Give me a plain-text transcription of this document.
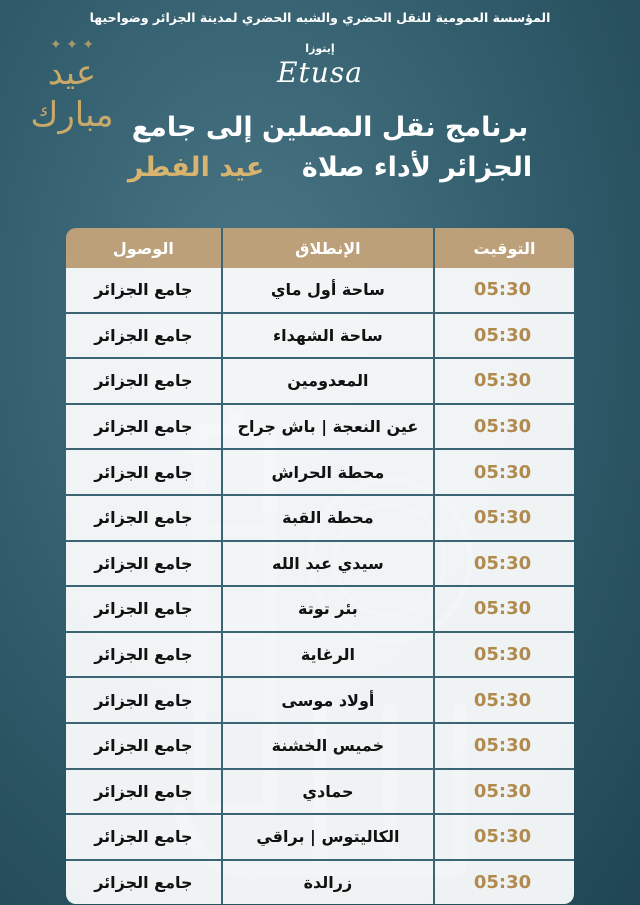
المؤسسة العمومية للنقل الحضري والشبه الحضري لمدينة الجزائر وضواحيها
✦ ✦ ✦
عيد مبارك
إيتوزا
Etusa
برنامج نقل المصلين إلى جامع
الجزائر لأداء صلاة    عيد الفطر
التوقيت	الإنطلاق	الوصول
05:30	ساحة أول ماي	جامع الجزائر
05:30	ساحة الشهداء	جامع الجزائر
05:30	المعدومين	جامع الجزائر
05:30	عين النعجة | باش جراح	جامع الجزائر
05:30	محطة الحراش	جامع الجزائر
05:30	محطة القبة	جامع الجزائر
05:30	سيدي عبد الله	جامع الجزائر
05:30	بئر توتة	جامع الجزائر
05:30	الرغاية	جامع الجزائر
05:30	أولاد موسى	جامع الجزائر
05:30	خميس الخشنة	جامع الجزائر
05:30	حمادي	جامع الجزائر
05:30	الكاليتوس | براقي	جامع الجزائر
05:30	زرالدة	جامع الجزائر
